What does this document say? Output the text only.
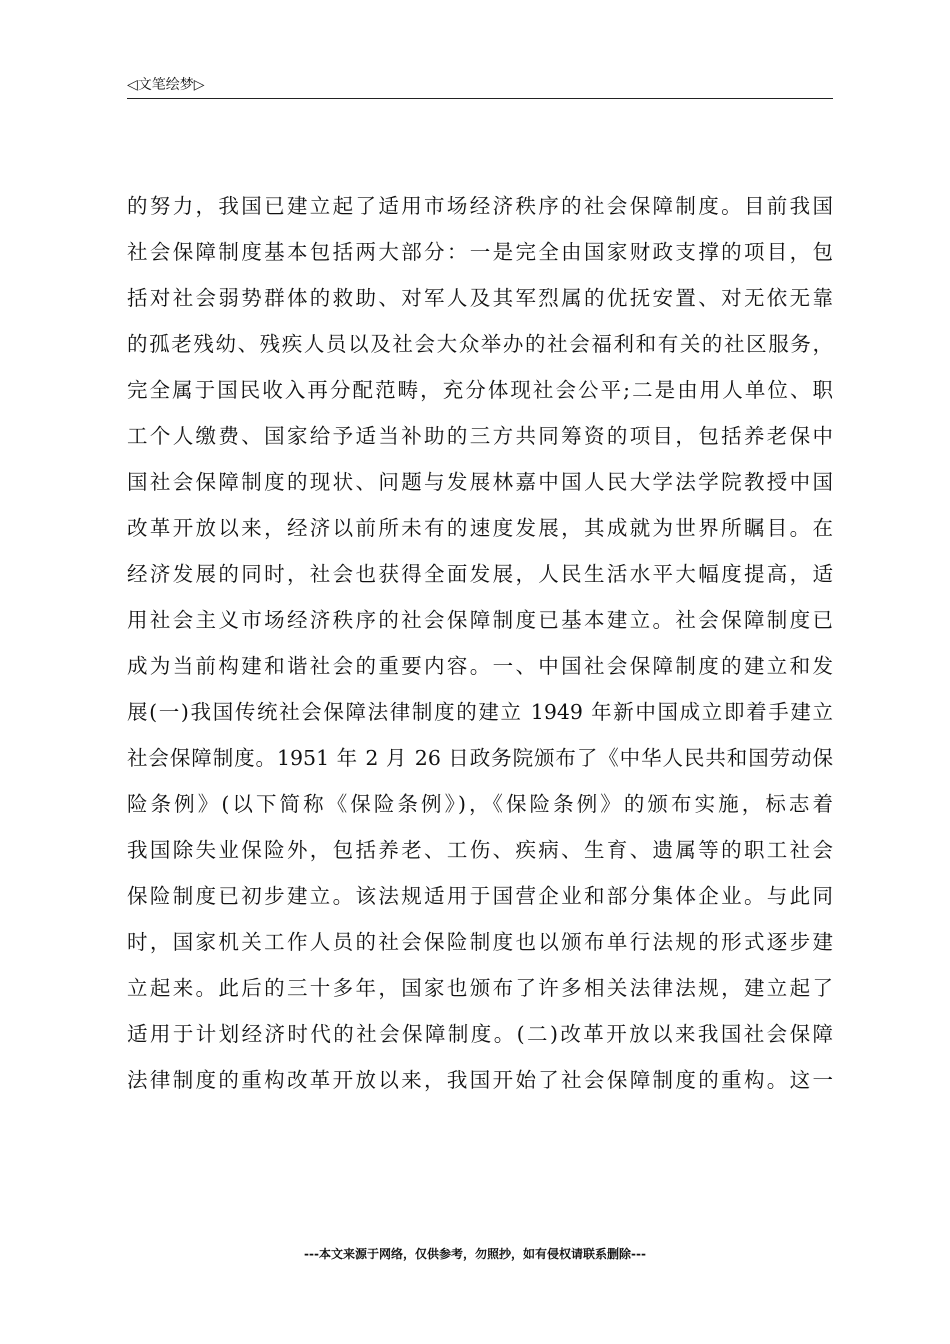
◁文笔绘梦▷
的努力，我国已建立起了适用市场经济秩序的社会保障制度。目前我国
社会保障制度基本包括两大部分：一是完全由国家财政支撑的项目，包
括对社会弱势群体的救助、对军人及其军烈属的优抚安置、对无依无靠
的孤老残幼、残疾人员以及社会大众举办的社会福利和有关的社区服务，
完全属于国民收入再分配范畴，充分体现社会公平;二是由用人单位、职
工个人缴费、国家给予适当补助的三方共同筹资的项目，包括养老保中
国社会保障制度的现状、问题与发展林嘉中国人民大学法学院教授中国
改革开放以来，经济以前所未有的速度发展，其成就为世界所瞩目。在
经济发展的同时，社会也获得全面发展，人民生活水平大幅度提高，适
用社会主义市场经济秩序的社会保障制度已基本建立。社会保障制度已
成为当前构建和谐社会的重要内容。一、中国社会保障制度的建立和发
展(一)我国传统社会保障法律制度的建立 1949 年新中国成立即着手建立
社会保障制度。1951 年 2 月 26 日政务院颁布了《中华人民共和国劳动保
险条例》(以下简称《保险条例》)，《保险条例》的颁布实施，标志着
我国除失业保险外，包括养老、工伤、疾病、生育、遗属等的职工社会
保险制度已初步建立。该法规适用于国营企业和部分集体企业。与此同
时，国家机关工作人员的社会保险制度也以颁布单行法规的形式逐步建
立起来。此后的三十多年，国家也颁布了许多相关法律法规，建立起了
适用于计划经济时代的社会保障制度。(二)改革开放以来我国社会保障
法律制度的重构改革开放以来，我国开始了社会保障制度的重构。这一
---本文来源于网络，仅供参考，勿照抄，如有侵权请联系删除---
